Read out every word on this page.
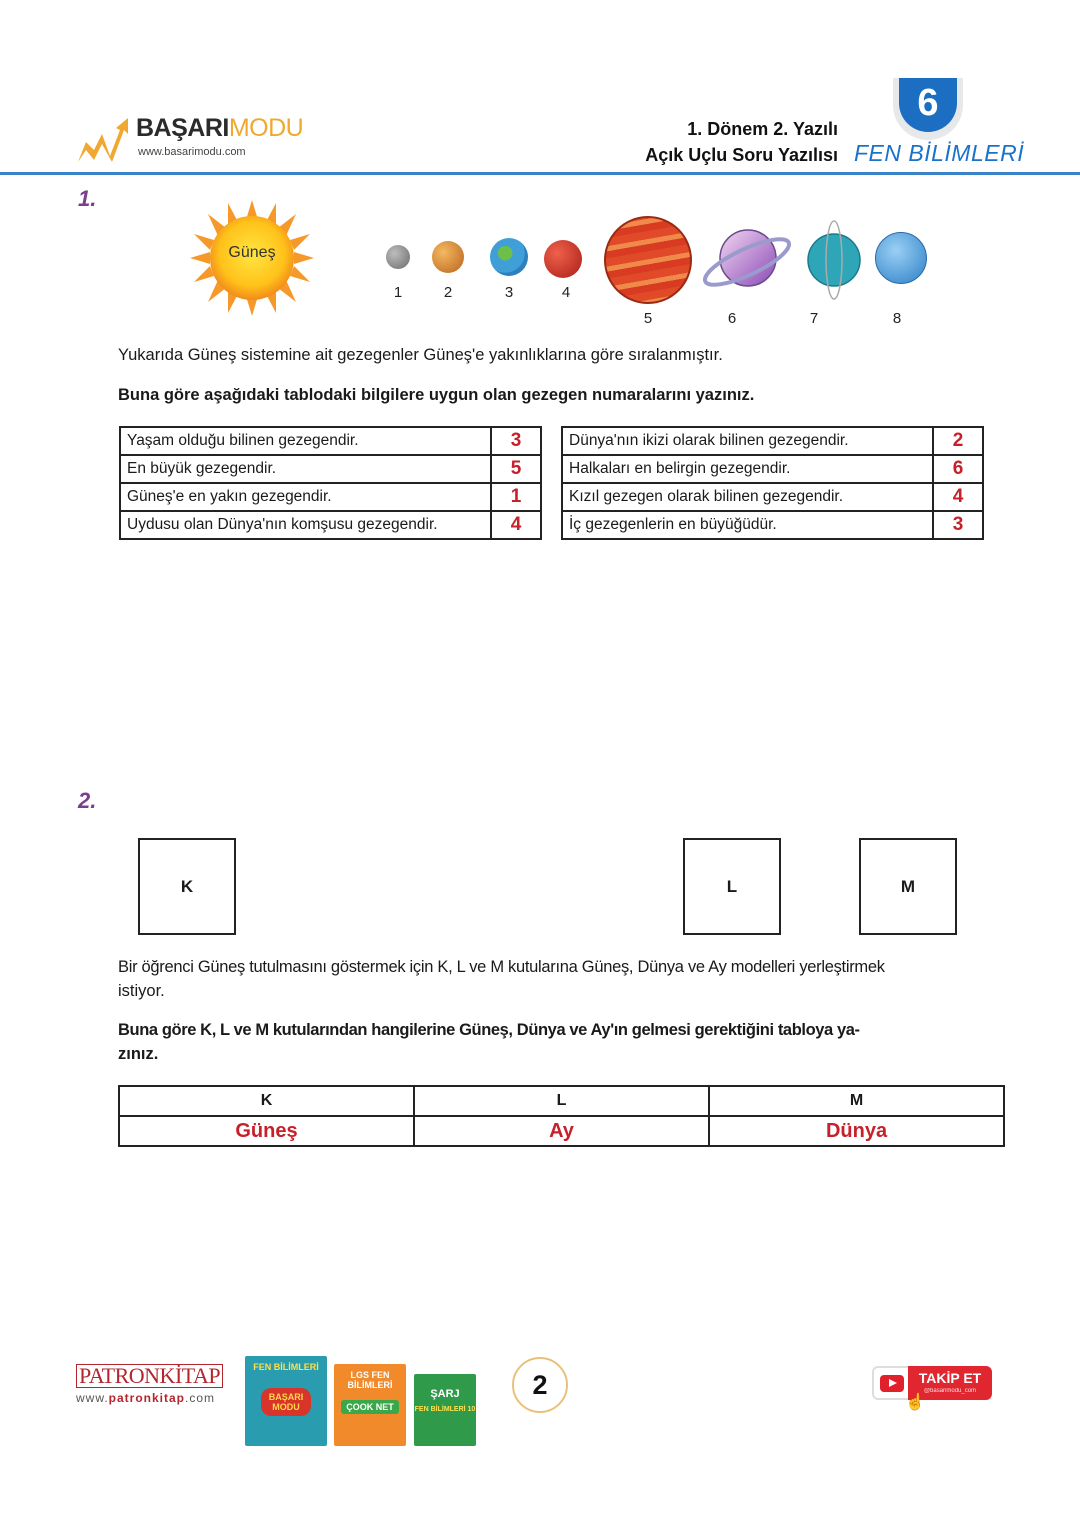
BAŞARIMODU
www.basarimodu.com
1. Dönem 2. Yazılı
Açık Uçlu Soru Yazılısı
6
FEN BİLİMLERİ
1.
Güneş
1	2	3	4
5	6	7	8
Yukarıda Güneş sistemine ait gezegenler Güneş'e yakınlıklarına göre sıralanmıştır.
Buna göre aşağıdaki tablodaki bilgilere uygun olan gezegen numaralarını yazınız.
Yaşam olduğu bilinen gezegendir.	3
En büyük gezegendir.	5
Güneş'e en yakın gezegendir.	1
Uydusu olan Dünya'nın komşusu gezegendir.	4
Dünya'nın ikizi olarak bilinen gezegendir.	2
Halkaları en belirgin gezegendir.	6
Kızıl gezegen olarak bilinen gezegendir.	4
İç gezegenlerin en büyüğüdür.	3
2.
K	L	M
Bir öğrenci Güneş tutulmasını göstermek için K, L ve M kutularına Güneş, Dünya ve Ay modelleri yerleştirmek
istiyor.
Buna göre K, L ve M kutularından hangilerine Güneş, Dünya ve Ay'ın gelmesi gerektiğini tabloya ya-
zınız.
K	L	M
Güneş	Ay	Dünya
PATRONKİTAP
www.patronkitap.com
FEN BİLİMLERİ
BAŞARI MODU
LGS FEN BİLİMLERİ
ÇOOK NET
ŞARJ
FEN BİLİMLERİ 10
2	TAKİP ET
@basarimodu_com
☝
